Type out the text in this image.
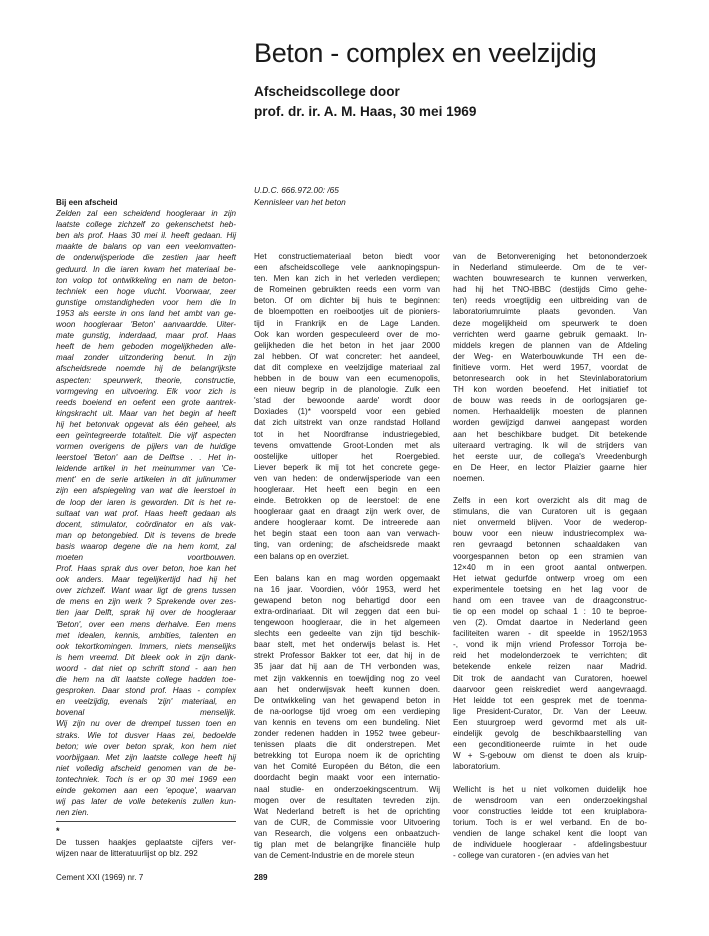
Beton - complex en veelzijdig
Afscheidscollege door
prof. dr. ir. A. M. Haas, 30 mei 1969
U.D.C. 666.972.00: /65
Kennisleer van het beton

Bij een afscheid

Zelden zal een scheidend hoogleraar in zijn

laatste college zichzelf zo gekenschetst heb-

ben als prof. Haas 30 mei il. heeft gedaan. Hij

maakte de balans op van een veelomvatten-

de onderwijsperiode die zestien jaar heeft

geduurd. In die iaren kwam het materiaal be-

ton volop tot ontwikkeling en nam de beton-

techniek een hoge vlucht. Voorwaar, zeer

gunstige omstandigheden voor hem die In

1953 als eerste in ons land het ambt van ge-

woon hoogleraar 'Beton' aanvaardde. Uiter-

mate gunstig, inderdaad, maar prof. Haas

heeft de hem geboden mogelijkheden alle-

maal zonder uitzondering benut. In zijn

afscheidsrede noemde hij de belangrijkste

aspecten: speurwerk, theorie, constructie,

vormgeving en uitvoering. Elk voor zich is

reeds boeiend en oefent een grote aantrek-

kingskracht uit. Maar van het begin af heeft

hij het betonvak opgevat als één geheel, als

een geïntegreerde totaliteit. Die vijf aspecten

vormen overigens de pijlers van de huidige

leerstoel 'Beton' aan de Delftse . . Het in-

leidende artikel in het meinummer van 'Ce-

ment' en de serie artikelen in dit julinummer

zijn een afspiegeling van wat die leerstoel in

de loop der iaren is geworden. Dit is het re-

sultaat van wat prof. Haas heeft gedaan als

docent, stimulator, coördinator en als vak-

man op betongebied. Dit is tevens de brede

basis waarop degene die na hem komt, zal

moeten voortbouwen.

Prof. Haas sprak dus over beton, hoe kan het

ook anders. Maar tegelijkertijd had hij het

over zichzelf. Want waar ligt de grens tussen

de mens en zijn werk ? Sprekende over zes-

tien jaar Delft, sprak hij over de hoogleraar

'Beton', over een mens derhalve. Een mens

met idealen, kennis, ambities, talenten en

ook tekortkomingen. Immers, niets menselijks

is hem vreemd. Dit bleek ook in zijn dank-

woord - dat niet op schrift stond - aan hen

die hem na dit laatste college hadden toe-

gesproken. Daar stond prof. Haas - complex

en veelzijdig, evenals 'zijn' materiaal, en

bovenal menselijk.

Wij zijn nu over de drempel tussen toen en

straks. Wie tot dusver Haas zei, bedoelde

beton; wie over beton sprak, kon hem niet

voorbijgaan. Met zijn laatste college heeft hij

niet volledig afscheid genomen van de be-

tontechniek. Toch is er op 30 mei 1969 een

einde gekomen aan een 'epoque', waarvan

wij pas later de volle betekenis zullen kun-

nen zien.

*

De tussen haakjes geplaatste cijfers ver-

wijzen naar de litteratuurlijst op blz. 292

Het constructiemateriaal beton biedt voor

een afscheidscollege vele aanknopingspun-

ten. Men kan zich in het verleden verdiepen;

de Romeinen gebruikten reeds een vorm van

beton. Of om dichter bij huis te beginnen:

de bloempotten en roeibootjes uit de pioniers-

tijd in Frankrijk en de Lage Landen.

Ook kan worden gespeculeerd over de mo-

gelijkheden die het beton in het jaar 2000

zal hebben. Of wat concreter: het aandeel,

dat dit complexe en veelzijdige materiaal zal

hebben in de bouw van een ecumenopolis,

een nieuw begrip in de planologie. Zulk een

'stad der bewoonde aarde' wordt door

Doxiades (1)* voorspeld voor een gebied

dat zich uitstrekt van onze randstad Holland

tot in het Noordfranse industriegebied,

tevens omvattende Groot-Londen met als

oostelijke uitloper het Roergebied.

Liever beperk ik mij tot het concrete gege-

ven van heden: de onderwijsperiode van een

hoogleraar. Het heeft een begin en een

einde. Betrokken op de leerstoel: de ene

hoogleraar gaat en draagt zijn werk over, de

andere hoogleraar komt. De intreerede aan

het begin staat een toon aan van verwach-

ting, van ordening; de afscheidsrede maakt

een balans op en overziet.

Een balans kan en mag worden opgemaakt

na 16 jaar. Voordien, vóór 1953, werd het

gewapend beton nog behartigd door een

extra-ordinariaat. Dit wil zeggen dat een bui-

tengewoon hoogleraar, die in het algemeen

slechts een gedeelte van zijn tijd beschik-

baar stelt, met het onderwijs belast is. Het

strekt Professor Bakker tot eer, dat hij in de

35 jaar dat hij aan de TH verbonden was,

met zijn vakkennis en toewijding nog zo veel

aan het onderwijsvak heeft kunnen doen.

De ontwikkeling van het gewapend beton in

de na-oorlogse tijd vroeg om een verdieping

van kennis en tevens om een bundeling. Niet

zonder redenen hadden in 1952 twee gebeur-

tenissen plaats die dit onderstrepen. Met

betrekking tot Europa noem ik de oprichting

van het Comité Européen du Béton, die een

doordacht begin maakt voor een internatio-

naal studie- en onderzoekingscentrum. Wij

mogen over de resultaten tevreden zijn.

Wat Nederland betreft is het de oprichting

van de CUR, de Commissie voor Uitvoering

van Research, die volgens een onbaatzuch-

tig plan met de belangrijke financiële hulp

van de Cement-Industrie en de morele steun

van de Betonvereniging het betononderzoek

in Nederland stimuleerde. Om de te ver-

wachten bouwresearch te kunnen verwerken,

had hij het TNO-IBBC (destijds Cimo gehe-

ten) reeds vroegtijdig een uitbreiding van de

laboratoriumruimte plaats gevonden. Van

deze mogelijkheid om speurwerk te doen

verrichten werd gaarne gebruik gemaakt. In-

middels kregen de plannen van de Afdeling

der Weg- en Waterbouwkunde TH een de-

finitieve vorm. Het werd 1957, voordat de

betonresearch ook in het Stevinlaboratorium

TH kon worden beoefend. Het initiatief tot

de bouw was reeds in de oorlogsjaren ge-

nomen. Herhaaldelijk moesten de plannen

worden gewijzigd danwei aangepast worden

aan het beschikbare budget. Dit betekende

uiteraard vertraging. Ik wil de strijders van

het eerste uur, de collega's Vreedenburgh

en De Heer, en lector Plaizier gaarne hier

noemen.

Zelfs in een kort overzicht als dit mag de

stimulans, die van Curatoren uit is gegaan

niet onvermeld blijven. Voor de wederop-

bouw voor een nieuw industriecomplex wa-

ren gevraagd betonnen schaaldaken van

voorgespannen beton op een stramien van

12×40 m in een groot aantal ontwerpen.

Het ietwat gedurfde ontwerp vroeg om een

experimentele toetsing en het lag voor de

hand om een travee van de draagconstruc-

tie op een model op schaal 1 : 10 te beproe-

ven (2). Omdat daartoe in Nederland geen

faciliteiten waren - dit speelde in 1952/1953

-, vond ik mijn vriend Professor Torroja be-

reid het modelonderzoek te verrichten; dit

betekende enkele reizen naar Madrid.

Dit trok de aandacht van Curatoren, hoewel

daarvoor geen reiskrediet werd aangevraagd.

Het leidde tot een gesprek met de toenma-

lige President-Curator, Dr. Van der Leeuw.

Een stuurgroep werd gevormd met als uit-

eindelijk gevolg de beschikbaarstelling van

een geconditioneerde ruimte in het oude

W + S-gebouw om dienst te doen als kruip-

laboratorium.

Wellicht is het u niet volkomen duidelijk hoe

de wensdroom van een onderzoekingshal

voor constructies leidde tot een kruiplabora-

torium. Toch is er wel verband. En de bo-

vendien de lange schakel kent die loopt van

de individuele hoogleraar - afdelingsbestuur

- college van curatoren - (en advies van het

Cement XXI (1969) nr. 7	289
